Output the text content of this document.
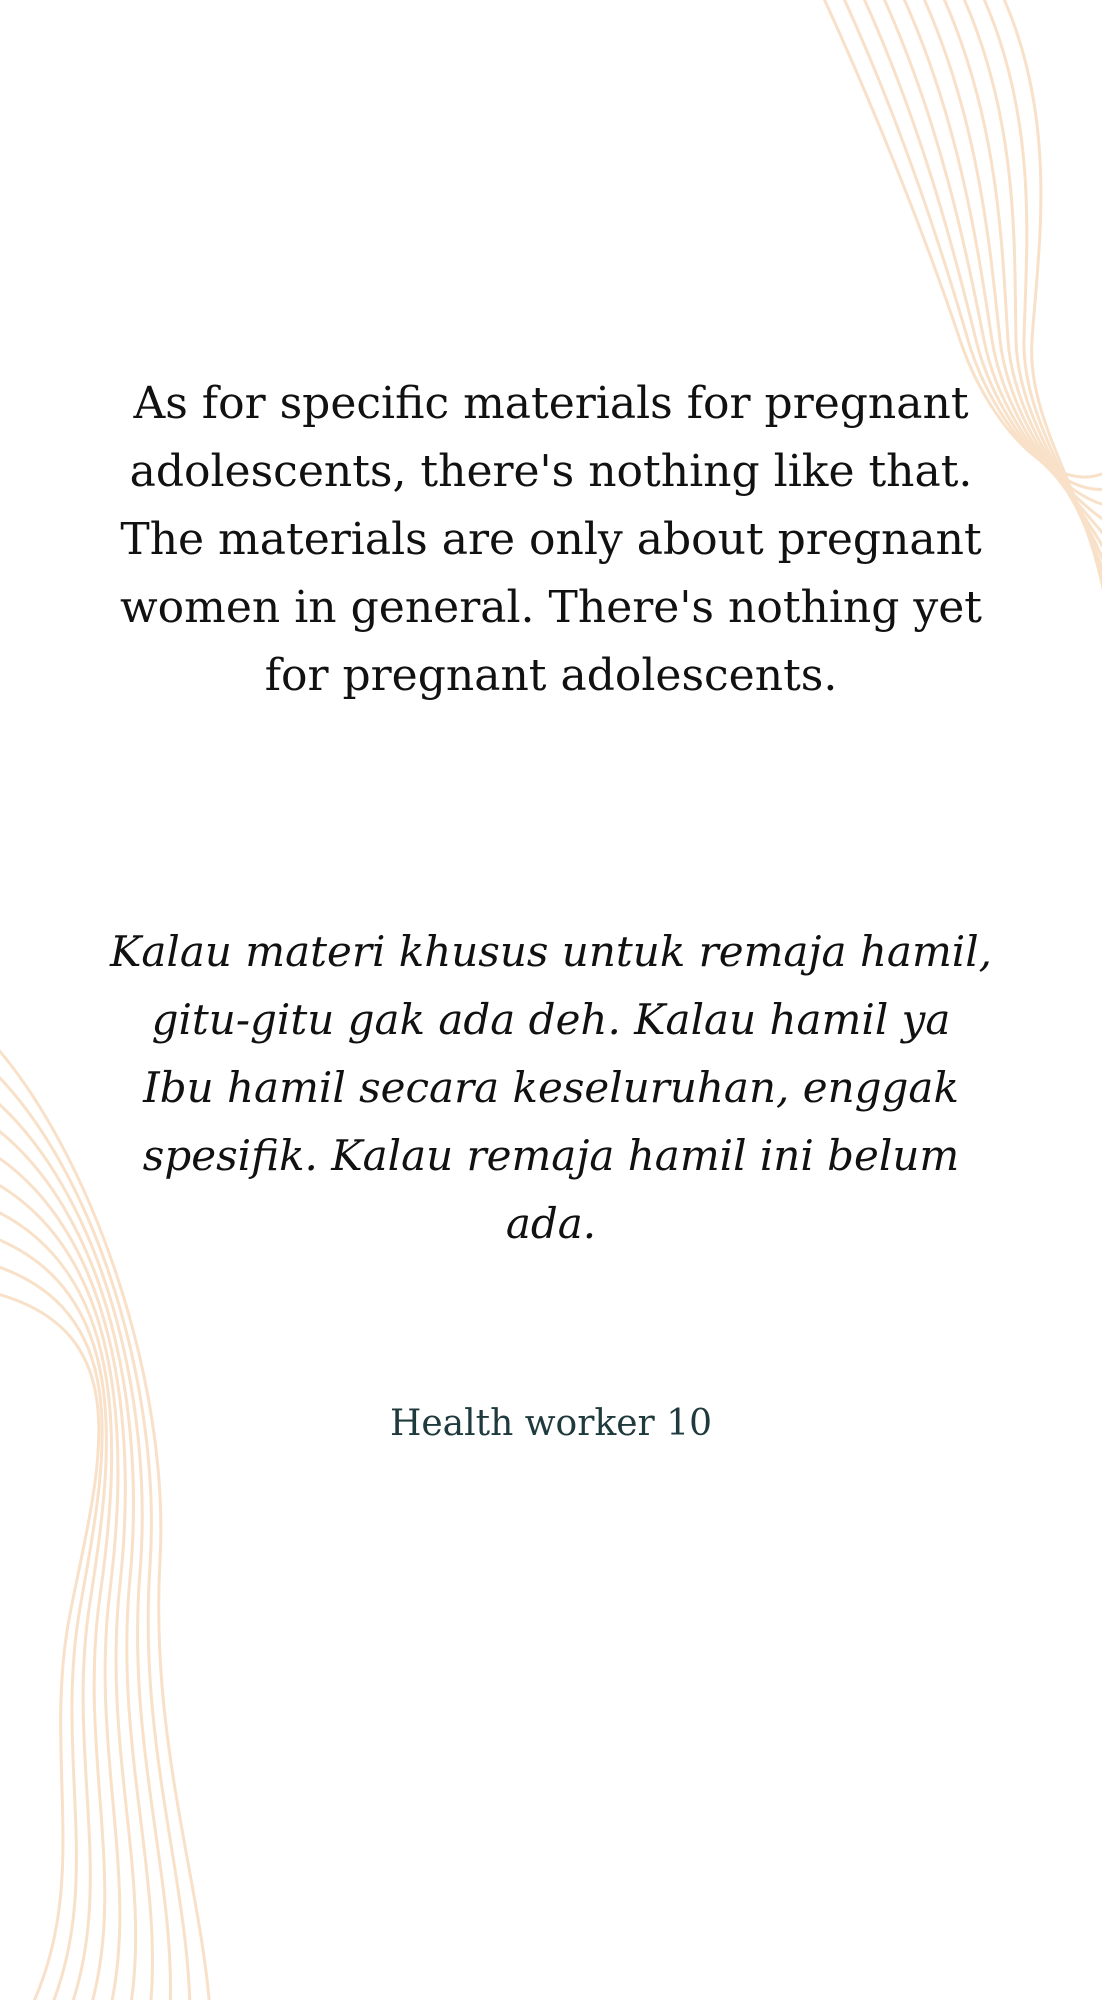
As for specific materials for pregnant adolescents, there's nothing like that. The materials are only about pregnant women in general. There's nothing yet for pregnant adolescents.

Kalau materi khusus untuk remaja hamil, gitu-gitu gak ada deh. Kalau hamil ya Ibu hamil secara keseluruhan, enggak spesifik. Kalau remaja hamil ini belum ada.

Health worker 10
